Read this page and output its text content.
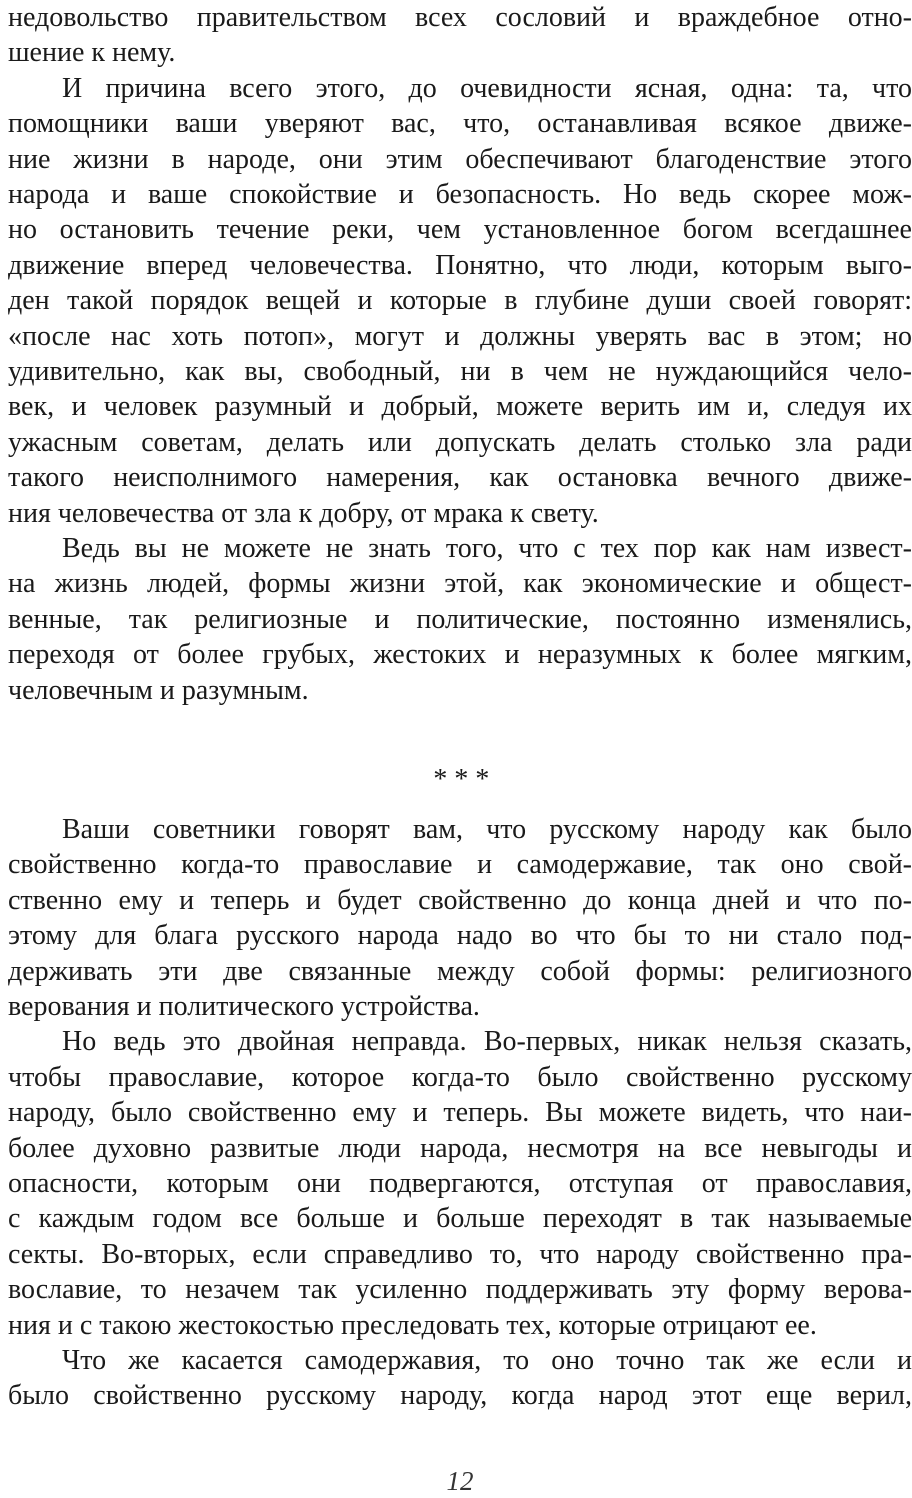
недовольство правительством всех сословий и враждебное отно-
шение к нему.
И причина всего этого, до очевидности ясная, одна: та, что
помощники ваши уверяют вас, что, останавливая всякое движе-
ние жизни в народе, они этим обеспечивают благоденствие этого
народа и ваше спокойствие и безопасность. Но ведь скорее мож-
но остановить течение реки, чем установленное богом всегдашнее
движение вперед человечества. Понятно, что люди, которым выго-
ден такой порядок вещей и которые в глубине души своей говорят:
«после нас хоть потоп», могут и должны уверять вас в этом; но
удивительно, как вы, свободный, ни в чем не нуждающийся чело-
век, и человек разумный и добрый, можете верить им и, следуя их
ужасным советам, делать или допускать делать столько зла ради
такого неисполнимого намерения, как остановка вечного движе-
ния человечества от зла к добру, от мрака к свету.
Ведь вы не можете не знать того, что с тех пор как нам извест-
на жизнь людей, формы жизни этой, как экономические и общест-
венные, так религиозные и политические, постоянно изменялись,
переходя от более грубых, жестоких и неразумных к более мягким,
человечным и разумным.
* * *
Ваши советники говорят вам, что русскому народу как было
свойственно когда-то православие и самодержавие, так оно свой-
ственно ему и теперь и будет свойственно до конца дней и что по-
этому для блага русского народа надо во что бы то ни стало под-
держивать эти две связанные между собой формы: религиозного
верования и политического устройства.
Но ведь это двойная неправда. Во-первых, никак нельзя сказать,
чтобы православие, которое когда-то было свойственно русскому
народу, было свойственно ему и теперь. Вы можете видеть, что наи-
более духовно развитые люди народа, несмотря на все невыгоды и
опасности, которым они подвергаются, отступая от православия,
с каждым годом все больше и больше переходят в так называемые
секты. Во-вторых, если справедливо то, что народу свойственно пра-
вославие, то незачем так усиленно поддерживать эту форму верова-
ния и с такою жестокостью преследовать тех, которые отрицают ее.
Что же касается самодержавия, то оно точно так же если и
было свойственно русскому народу, когда народ этот еще верил,
12
